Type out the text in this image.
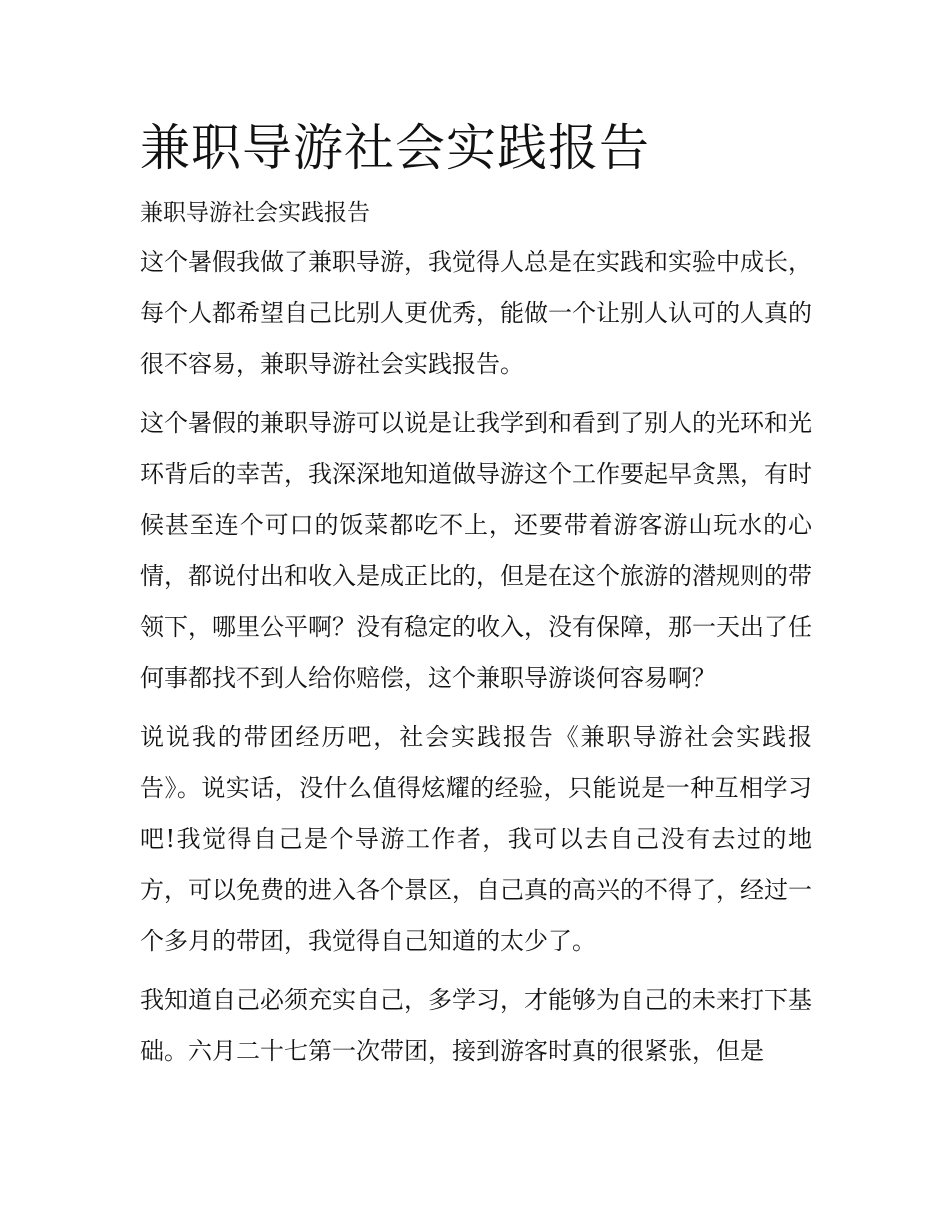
兼职导游社会实践报告
兼职导游社会实践报告

这个暑假我做了兼职导游，我觉得人总是在实践和实验中成长，每个人都希望自己比别人更优秀，能做一个让别人认可的人真的很不容易，兼职导游社会实践报告。

这个暑假的兼职导游可以说是让我学到和看到了别人的光环和光环背后的幸苦，我深深地知道做导游这个工作要起早贪黑，有时候甚至连个可口的饭菜都吃不上，还要带着游客游山玩水的心情，都说付出和收入是成正比的，但是在这个旅游的潜规则的带领下，哪里公平啊？没有稳定的收入，没有保障，那一天出了任何事都找不到人给你赔偿，这个兼职导游谈何容易啊？

说说我的带团经历吧，社会实践报告《兼职导游社会实践报告》。说实话，没什么值得炫耀的经验，只能说是一种互相学习吧!我觉得自己是个导游工作者，我可以去自己没有去过的地方，可以免费的进入各个景区，自己真的高兴的不得了，经过一个多月的带团，我觉得自己知道的太少了。

我知道自己必须充实自己，多学习，才能够为自己的未来打下基础。六月二十七第一次带团，接到游客时真的很紧张，但是
